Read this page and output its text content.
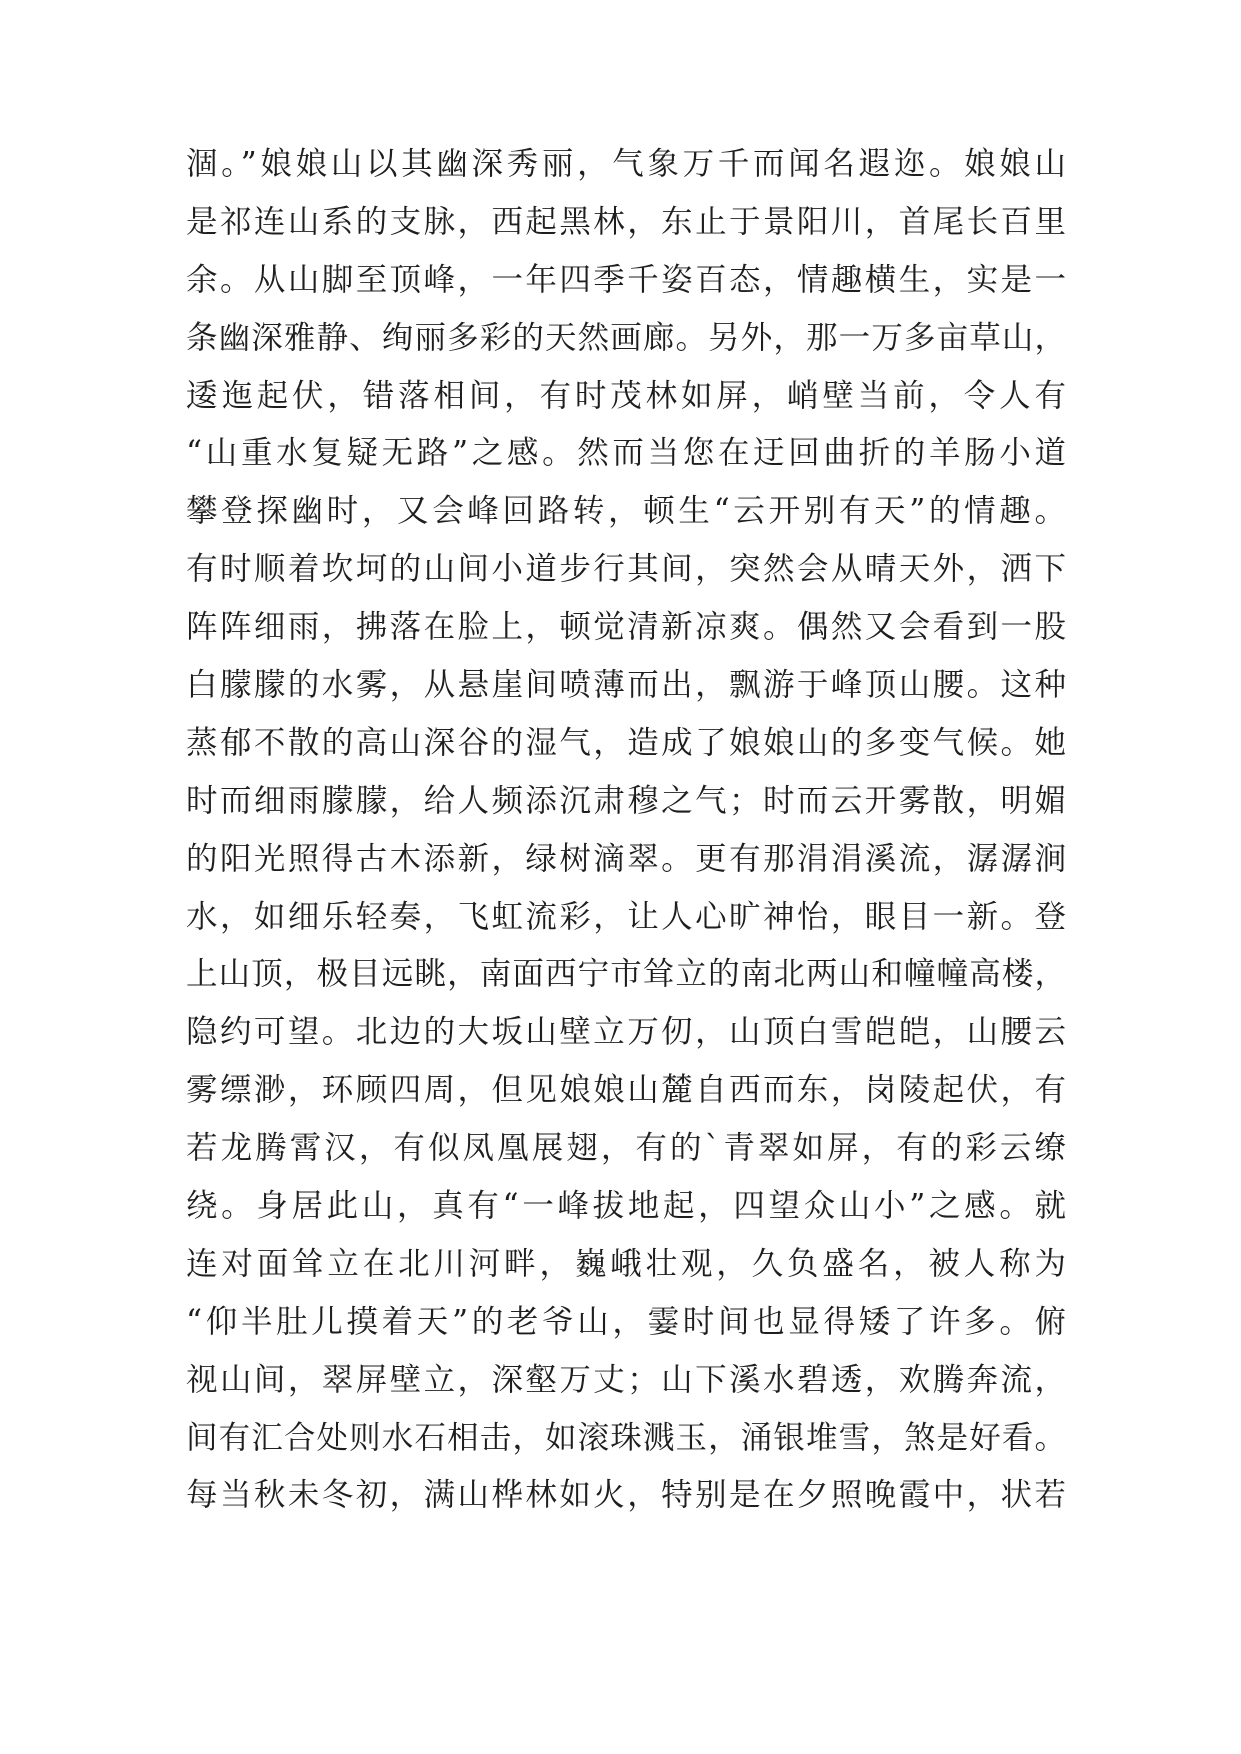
涸。”娘娘山以其幽深秀丽，气象万千而闻名遐迩。娘娘山
是祁连山系的支脉，西起黑林，东止于景阳川，首尾长百里
余。从山脚至顶峰，一年四季千姿百态，情趣横生，实是一
条幽深雅静、绚丽多彩的天然画廊。另外，那一万多亩草山，
逶迤起伏，错落相间，有时茂林如屏，峭壁当前，令人有
“山重水复疑无路”之感。然而当您在迂回曲折的羊肠小道
攀登探幽时，又会峰回路转，顿生“云开别有天”的情趣。
有时顺着坎坷的山间小道步行其间，突然会从晴天外，洒下
阵阵细雨，拂落在脸上，顿觉清新凉爽。偶然又会看到一股
白朦朦的水雾，从悬崖间喷薄而出，飘游于峰顶山腰。这种
蒸郁不散的高山深谷的湿气，造成了娘娘山的多变气候。她
时而细雨朦朦，给人频添沉肃穆之气；时而云开雾散，明媚
的阳光照得古木添新，绿树滴翠。更有那涓涓溪流，潺潺涧
水，如细乐轻奏，飞虹流彩，让人心旷神怡，眼目一新。登
上山顶，极目远眺，南面西宁市耸立的南北两山和幢幢高楼，
隐约可望。北边的大坂山壁立万仞，山顶白雪皑皑，山腰云
雾缥渺，环顾四周，但见娘娘山麓自西而东，岗陵起伏，有
若龙腾霄汉，有似凤凰展翅，有的`青翠如屏，有的彩云缭
绕。身居此山，真有“一峰拔地起，四望众山小”之感。就
连对面耸立在北川河畔，巍峨壮观，久负盛名，被人称为
“仰半肚儿摸着天”的老爷山，霎时间也显得矮了许多。俯
视山间，翠屏壁立，深壑万丈；山下溪水碧透，欢腾奔流，
间有汇合处则水石相击，如滚珠溅玉，涌银堆雪，煞是好看。
每当秋未冬初，满山桦林如火，特别是在夕照晚霞中，状若
